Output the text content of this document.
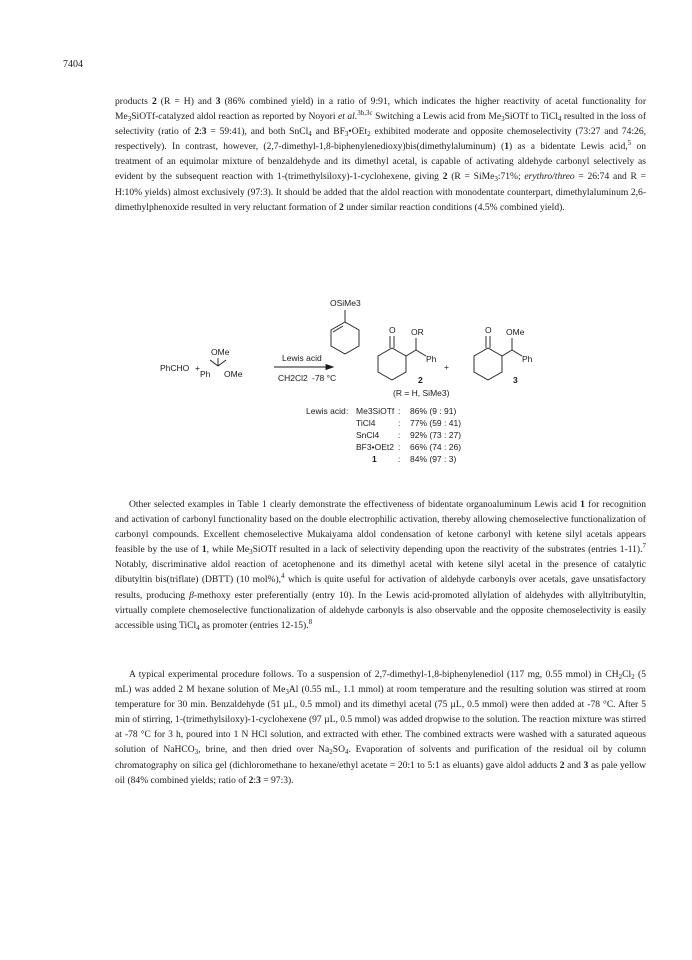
7404

products 2 (R = H) and 3 (86% combined yield) in a ratio of 9:91, which indicates the higher reactivity of acetal functionality for $Me_3SiOTf$-catalyzed aldol reaction as reported by Noyori et al.$^{3b,3c}$ Switching a Lewis acid from $Me_3SiOTf$ to TiCl$_4$ resulted in the loss of selectivity (ratio of 2:3 = 59:41), and both SnCl$_4$ and $BF_3•OEt_2$ exhibited moderate and opposite chemoselectivity (73:27 and 74:26, respectively). In contrast, however, (2,7-dimethyl-1,8-biphenylenedioxy)bis(dimethylaluminum) (1) as a bidentate Lewis acid,$^5$ on treatment of an equimolar mixture of benzaldehyde and its dimethyl acetal, is capable of activating aldehyde carbonyl selectively as evident by the subsequent reaction with 1-(trimethylsiloxy)-1-cyclohexene, giving 2 (R = SiMe$_3$:71%; erythro/threo = 26:74 and R = H:10% yields) almost exclusively (97:3). It should be added that the aldol reaction with monodentate counterpart, dimethylaluminum 2,6-dimethylphenoxide resulted in very reluctant formation of 2 under similar reaction conditions (4.5% combined yield).

OSiMe3
PhCHO +
OMe
Ph OMe
Lewis acid
CH2Cl2 -78 °C
O OR
Ph
2
+
O OMe
Ph
3
(R = H, SiMe3)
Lewis acid : Me3SiOTf : 86% (9 : 91)
TiCl4	: 77% (59 : 41)
SnCl4 : 92% (73 : 27)
BF3•OEt2 : 66% (74 : 26)
1	: 84% (97 : 3)

Other selected examples in Table 1 clearly demonstrate the effectiveness of bidentate organoaluminum Lewis acid 1 for recognition and activation of carbonyl functionality based on the double electrophilic activation, thereby allowing chemoselective functionalization of carbonyl compounds. Excellent chemoselective Mukaiyama aldol condensation of ketone carbonyl with ketene silyl acetals appears feasible by the use of 1, while $Me_3SiOTf$ resulted in a lack of selectivity depending upon the reactivity of the substrates (entries 1-11).$^7$ Notably, discriminative aldol reaction of acetophenone and its dimethyl acetal with ketene silyl acetal in the presence of catalytic dibutyltin bis(triflate) (DBTT) (10 mol%),$^4$ which is quite useful for activation of aldehyde carbonyls over acetals, gave unsatisfactory results, producing β-methoxy ester preferentially (entry 10). In the Lewis acid-promoted allylation of aldehydes with allyltributyltin, virtually complete chemoselective functionalization of aldehyde carbonyls is also observable and the opposite chemoselectivity is easily accessible using TiCl$_4$ as promoter (entries 12-15).$^8$

A typical experimental procedure follows. To a suspension of 2,7-dimethyl-1,8-biphenylenediol (117 mg, 0.55 mmol) in $CH_2Cl_2$ (5 mL) was added 2 M hexane solution of $Me_3Al$ (0.55 mL, 1.1 mmol) at room temperature and the resulting solution was stirred at room temperature for 30 min. Benzaldehyde (51 µL, 0.5 mmol) and its dimethyl acetal (75 µL, 0.5 mmol) were then added at -78 °C. After 5 min of stirring, 1-(trimethylsiloxy)-1-cyclohexene (97 µL, 0.5 mmol) was added dropwise to the solution. The reaction mixture was stirred at -78 °C for 3 h, poured into 1 N HCl solution, and extracted with ether. The combined extracts were washed with a saturated aqueous solution of NaHCO$_3$, brine, and then dried over $Na_2SO_4$. Evaporation of solvents and purification of the residual oil by column chromatography on silica gel (dichloromethane to hexane/ethyl acetate = 20:1 to 5:1 as eluants) gave aldol adducts 2 and 3 as pale yellow oil (84% combined yields; ratio of 2:3 = 97:3).
